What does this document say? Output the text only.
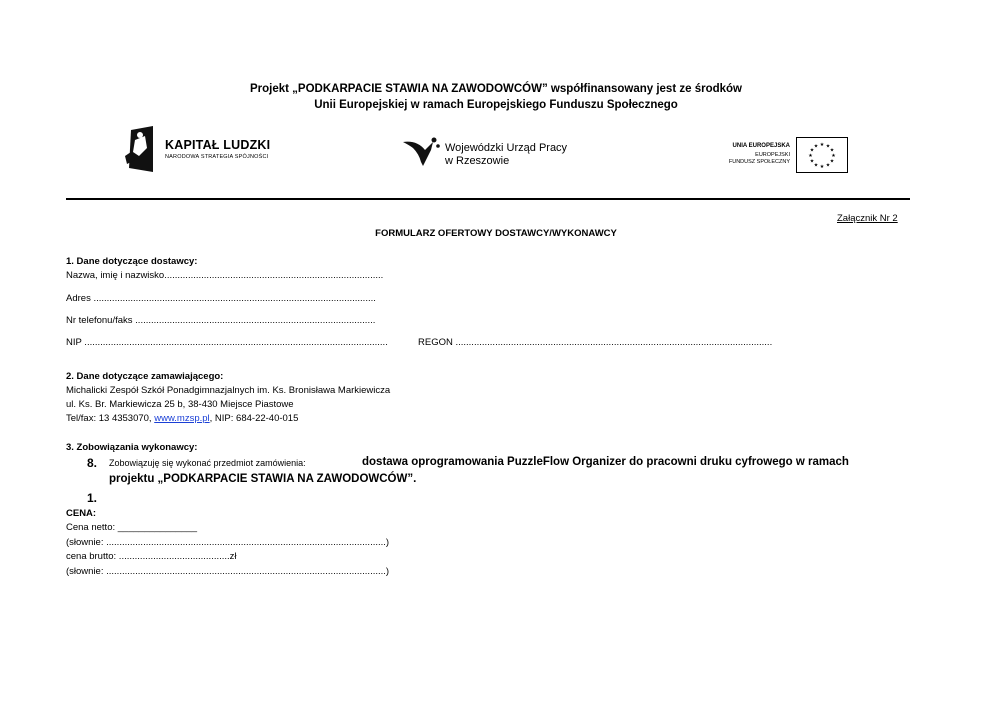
Projekt „PODKARPACIE STAWIA NA ZAWODOWCÓW” współfinansowany jest ze środków
Unii Europejskiej w ramach Europejskiego Funduszu Społecznego
KAPITAŁ LUDZKI
NARODOWA STRATEGIA SPÓJNOŚCI
Wojewódzki Urząd Pracy
w Rzeszowie
UNIA EUROPEJSKA
EUROPEJSKI
FUNDUSZ SPOŁECZNY
★ ★
★
★
★
★
★
★
★
★
★
★
Załącznik Nr 2
FORMULARZ OFERTOWY DOSTAWCY/WYKONAWCY
1. Dane dotyczące dostawcy:
Nazwa, imię i nazwisko...................................................................................
Adres ...........................................................................................................
Nr telefonu/faks ...........................................................................................
NIP ...................................................................................................................	REGON ........................................................................................................................
2. Dane dotyczące zamawiającego:
Michalicki Zespół Szkół Ponadgimnazjalnych im. Ks. Bronisława Markiewicza
ul. Ks. Br. Markiewicza 25 b, 38-430 Miejsce Piastowe
Tel/fax: 13 4353070, www.mzsp.pl, NIP: 684-22-40-015
3. Zobowiązania wykonawcy:
8. Zobowiązuję się wykonać przedmiot zamówienia:	dostawa oprogramowania PuzzleFlow Organizer do pracowni druku cyfrowego w ramach
projektu „PODKARPACIE STAWIA NA ZAWODOWCÓW”.
1.
CENA:
Cena netto: _______________
(słownie: ..........................................................................................................)
cena brutto: ..........................................zł
(słownie: ..........................................................................................................)
